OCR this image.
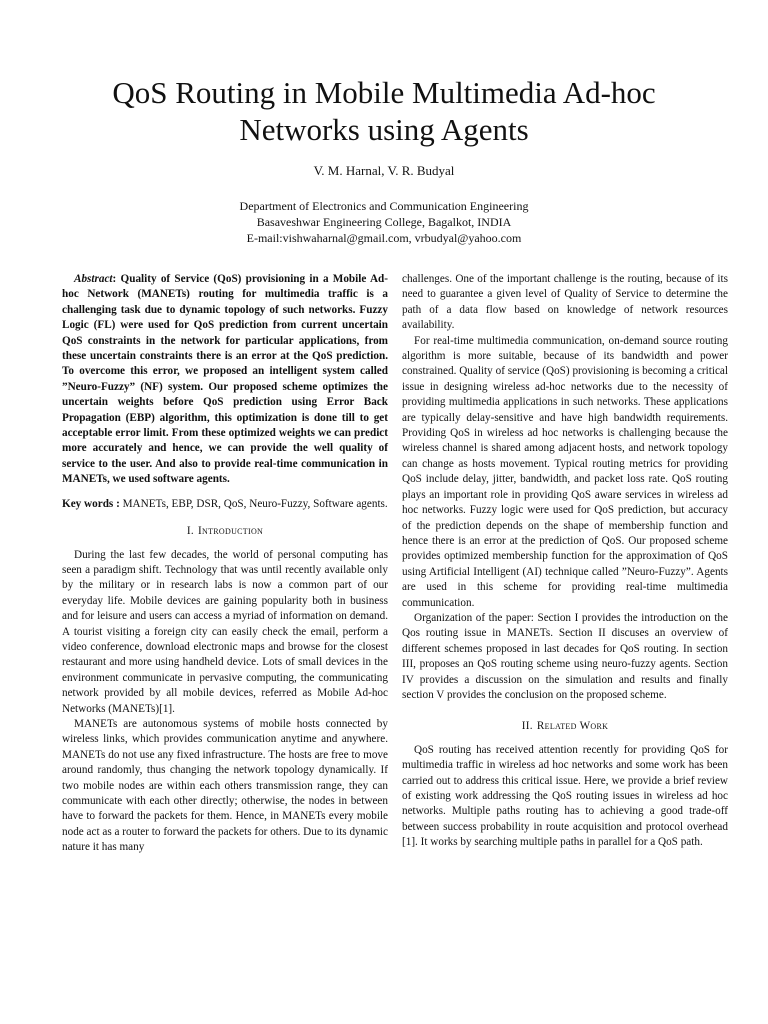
QoS Routing in Mobile Multimedia Ad-hoc
Networks using Agents
V. M. Harnal, V. R. Budyal
Department of Electronics and Communication Engineering
Basaveshwar Engineering College, Bagalkot, INDIA
E-mail:vishwaharnal@gmail.com, vrbudyal@yahoo.com

Abstract: Quality of Service (QoS) provisioning in a Mobile Ad-hoc Network (MANETs) routing for multimedia traffic is a challenging task due to dynamic topology of such networks. Fuzzy Logic (FL) were used for QoS prediction from current uncertain QoS constraints in the network for particular applications, from these uncertain constraints there is an error at the QoS prediction. To overcome this error, we proposed an intelligent system called ”Neuro-Fuzzy” (NF) system. Our proposed scheme optimizes the uncertain weights before QoS prediction using Error Back Propagation (EBP) algorithm, this optimization is done till to get acceptable error limit. From these optimized weights we can predict more accurately and hence, we can provide the well quality of service to the user. And also to provide real-time communication in MANETs, we used software agents.

Key words : MANETs, EBP, DSR, QoS, Neuro-Fuzzy, Software agents.

I. Introduction

During the last few decades, the world of personal computing has seen a paradigm shift. Technology that was until recently available only by the military or in research labs is now a common part of our everyday life. Mobile devices are gaining popularity both in business and for leisure and users can access a myriad of information on demand. A tourist visiting a foreign city can easily check the email, perform a video conference, download electronic maps and browse for the closest restaurant and more using handheld device. Lots of small devices in the environment communicate in pervasive computing, the communicating network provided by all mobile devices, referred as Mobile Ad-hoc Networks (MANETs)[1].

MANETs are autonomous systems of mobile hosts connected by wireless links, which provides communication anytime and anywhere. MANETs do not use any fixed infrastructure. The hosts are free to move around randomly, thus changing the network topology dynamically. If two mobile nodes are within each others transmission range, they can communicate with each other directly; otherwise, the nodes in between have to forward the packets for them. Hence, in MANETs every mobile node act as a router to forward the packets for others. Due to its dynamic nature it has many

challenges. One of the important challenge is the routing, because of its need to guarantee a given level of Quality of Service to determine the path of a data flow based on knowledge of network resources availability.

For real-time multimedia communication, on-demand source routing algorithm is more suitable, because of its bandwidth and power constrained. Quality of service (QoS) provisioning is becoming a critical issue in designing wireless ad-hoc networks due to the necessity of providing multimedia applications in such networks. These applications are typically delay-sensitive and have high bandwidth requirements. Providing QoS in wireless ad hoc networks is challenging because the wireless channel is shared among adjacent hosts, and network topology can change as hosts movement. Typical routing metrics for providing QoS include delay, jitter, bandwidth, and packet loss rate. QoS routing plays an important role in providing QoS aware services in wireless ad hoc networks. Fuzzy logic were used for QoS prediction, but accuracy of the prediction depends on the shape of membership function and hence there is an error at the prediction of QoS. Our proposed scheme provides optimized membership function for the approximation of QoS using Artificial Intelligent (AI) technique called ”Neuro-Fuzzy”. Agents are used in this scheme for providing real-time multimedia communication.

Organization of the paper: Section I provides the introduction on the Qos routing issue in MANETs. Section II discuses an overview of different schemes proposed in last decades for QoS routing. In section III, proposes an QoS routing scheme using neuro-fuzzy agents. Section IV provides a discussion on the simulation and results and finally section V provides the conclusion on the proposed scheme.

II. Related Work

QoS routing has received attention recently for providing QoS for multimedia traffic in wireless ad hoc networks and some work has been carried out to address this critical issue. Here, we provide a brief review of existing work addressing the QoS routing issues in wireless ad hoc networks. Multiple paths routing has to achieving a good trade-off between success probability in route acquisition and protocol overhead [1]. It works by searching multiple paths in parallel for a QoS path.
